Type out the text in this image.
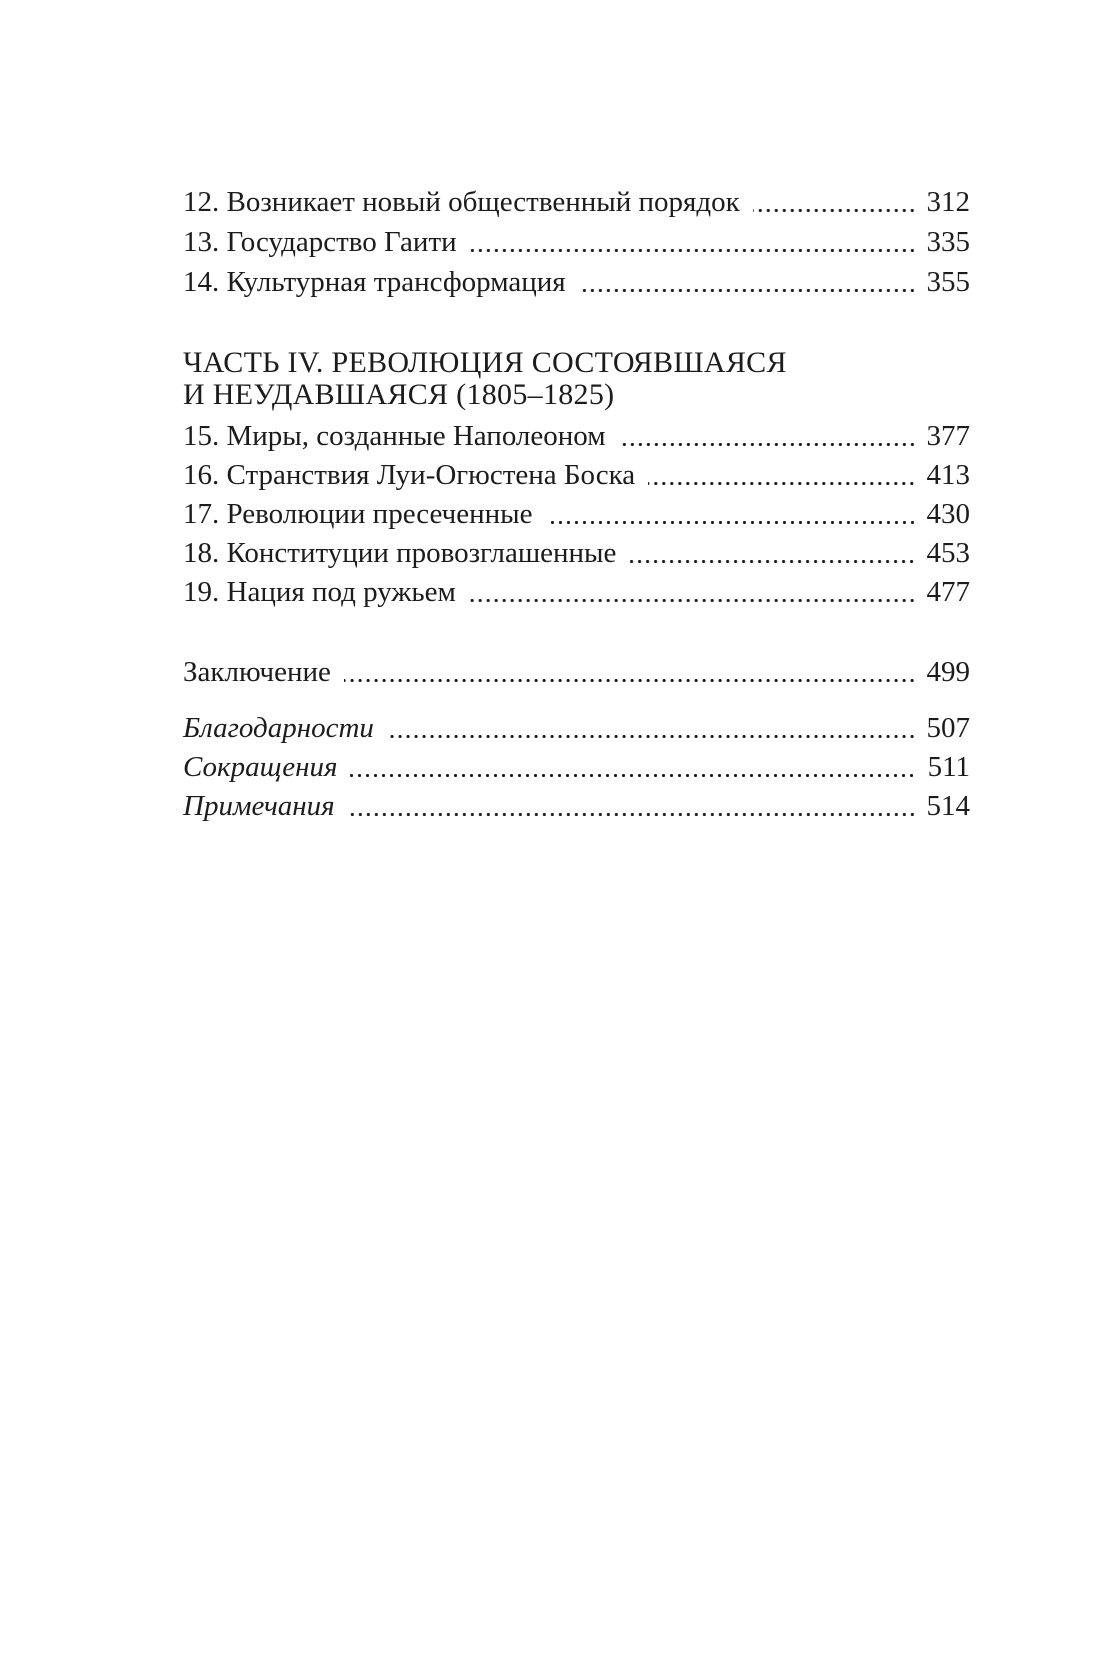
12. Возникает новый общественный порядок	312
13. Государство Гаити	335
14. Культурная трансформация	355
ЧАСТЬ IV. РЕВОЛЮЦИЯ СОСТОЯВШАЯСЯ
И НЕУДАВШАЯСЯ (1805–1825)
15. Миры, созданные Наполеоном	377
16. Странствия Луи-Огюстена Боска	413
17. Революции пресеченные	430
18. Конституции провозглашенные	453
19. Нация под ружьем	477
Заключение	499
Благодарности	507
Сокращения	511
Примечания	514
